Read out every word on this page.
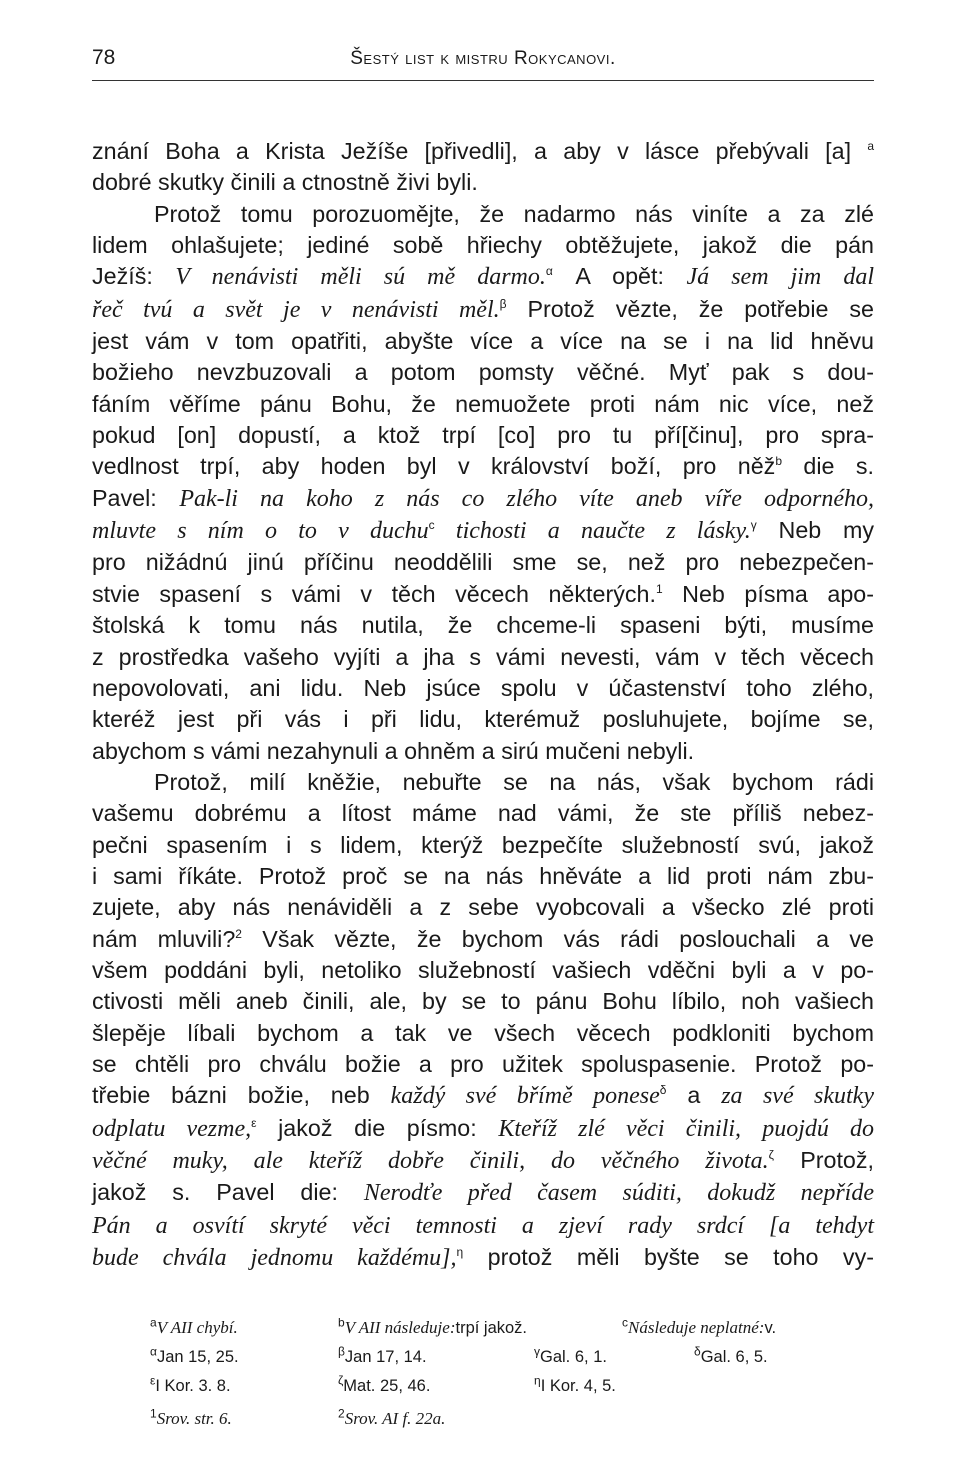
78	Šestý list k mistru Rokycanovi.

znání Boha a Krista Ježíše [přivedli], a aby v lásce přebývali [a] $^a$

dobré skutky činili a ctnostně živi byli.

Protož tomu porozuomějte, že nadarmo nás viníte a za zlé

lidem ohlašujete; jediné sobě hřiechy obtěžujete, jakož die pán

Ježíš: V nenávisti měli sú mě darmo.$^\alpha$ A opět: Já sem jim dal

řeč tvú a svět je v nenávisti měl.$^\beta$ Protož vězte, že potřebie se

jest vám v tom opatřiti, abyšte více a více na se i na lid hněvu

božieho nevzbuzovali a potom pomsty věčné. Myť pak s dou-

fáním věříme pánu Bohu, že nemuožete proti nám nic více, než

pokud [on] dopustí, a ktož trpí [co] pro tu pří[činu], pro spra-

vedlnost trpí, aby hoden byl v království boží, pro něž$^b$ die s.

Pavel: Pak-li na koho z nás co zlého víte aneb víře odporného,

mluvte s ním o to v duchu$^c$ tichosti a naučte z lásky.$^\gamma$ Neb my

pro nižádnú jinú příčinu neoddělili sme se, než pro nebezpečen-

stvie spasení s vámi v těch věcech některých.$^1$ Neb písma apo-

štolská k tomu nás nutila, že chceme-li spaseni býti, musíme

z prostředka vašeho vyjíti a jha s vámi nevesti, vám v těch věcech

nepovolovati, ani lidu. Neb jsúce spolu v účastenství toho zlého,

kteréž jest při vás i při lidu, kterémuž posluhujete, bojíme se,

abychom s vámi nezahynuli a ohněm a sirú mučeni nebyli.

Protož, milí kněžie, nebuřte se na nás, však bychom rádi

vašemu dobrému a lítost máme nad vámi, že ste příliš nebez-

pečni spasením i s lidem, kterýž bezpečíte služebností svú, jakož

i sami říkáte. Protož proč se na nás hněváte a lid proti nám zbu-

zujete, aby nás nenáviděli a z sebe vyobcovali a všecko zlé proti

nám mluvili?$^2$ Však vězte, že bychom vás rádi poslouchali a ve

všem poddáni byli, netoliko služebností vašiech vděčni byli a v po-

ctivosti měli aneb činili, ale, by se to pánu Bohu líbilo, noh vašiech

šlepěje líbali bychom a tak ve všech věcech podkloniti bychom

se chtěli pro chválu božie a pro užitek spoluspasenie. Protož po-

třebie bázni božie, neb každý své břímě ponese$^\delta$ a za své skutky

odplatu vezme,$^\varepsilon$ jakož die písmo: Kteříž zlé věci činili, puojdú do

věčné muky, ale kteříž dobře činili, do věčného života.$^\zeta$ Protož,

jakož s. Pavel die: Nerodťe před časem súditi, dokudž nepříde

Pán a osvítí skryté věci temnosti a zjeví rady srdcí [a tehdyt

bude chvála jednomu každému],$^\eta$ protož měli byšte se toho vy-

$^a$V AII chybí.	$^b$V AII následuje:trpí jakož.	$^c$Následuje neplatné:v.
$^\alpha$Jan 15, 25.	$^\beta$Jan 17, 14.	$^\gamma$Gal. 6, 1.	$^\delta$Gal. 6, 5.
$^\varepsilon$I Kor. 3. 8.	$^\zeta$Mat. 25, 46.	$^\eta$I Kor. 4, 5.
$^1$Srov. str. 6.	$^2$Srov. AI f. 22a.
